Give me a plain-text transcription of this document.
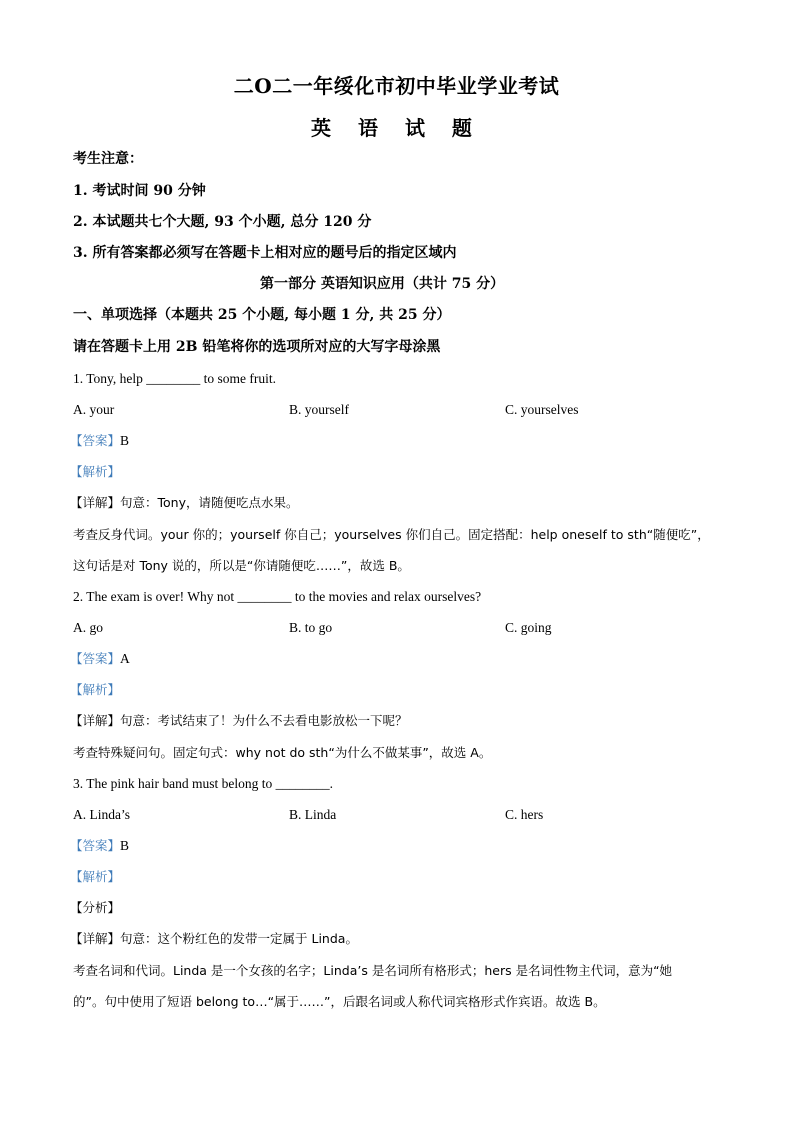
二O二一年绥化市初中毕业学业考试
英 语 试 题
考生注意：
1. 考试时间 90 分钟
2. 本试题共七个大题, 93 个小题, 总分 120 分
3. 所有答案都必须写在答题卡上相对应的题号后的指定区域内
第一部分 英语知识应用（共计 75 分）
一、单项选择（本题共 25 个小题, 每小题 1 分, 共 25 分）
请在答题卡上用 2B 铅笔将你的选项所对应的大写字母涂黑
1. Tony, help ________ to some fruit.
A. your	B. yourself	C. yourselves
【答案】B
【解析】
【详解】句意：Tony，请随便吃点水果。
考查反身代词。your 你的；yourself 你自己；yourselves 你们自己。固定搭配：help oneself to sth“随便吃”，
这句话是对 Tony 说的，所以是“你请随便吃……”，故选 B。
2. The exam is over! Why not ________ to the movies and relax ourselves?
A. go	B. to go	C. going
【答案】A
【解析】
【详解】句意：考试结束了！为什么不去看电影放松一下呢？
考查特殊疑问句。固定句式：why not do sth“为什么不做某事”，故选 A。
3. The pink hair band must belong to ________.
A. Linda’s	B. Linda	C. hers
【答案】B
【解析】
【分析】
【详解】句意：这个粉红色的发带一定属于 Linda。
考查名词和代词。Linda 是一个女孩的名字；Linda’s 是名词所有格形式；hers 是名词性物主代词，意为“她
的”。句中使用了短语 belong to…“属于……”，后跟名词或人称代词宾格形式作宾语。故选 B。
